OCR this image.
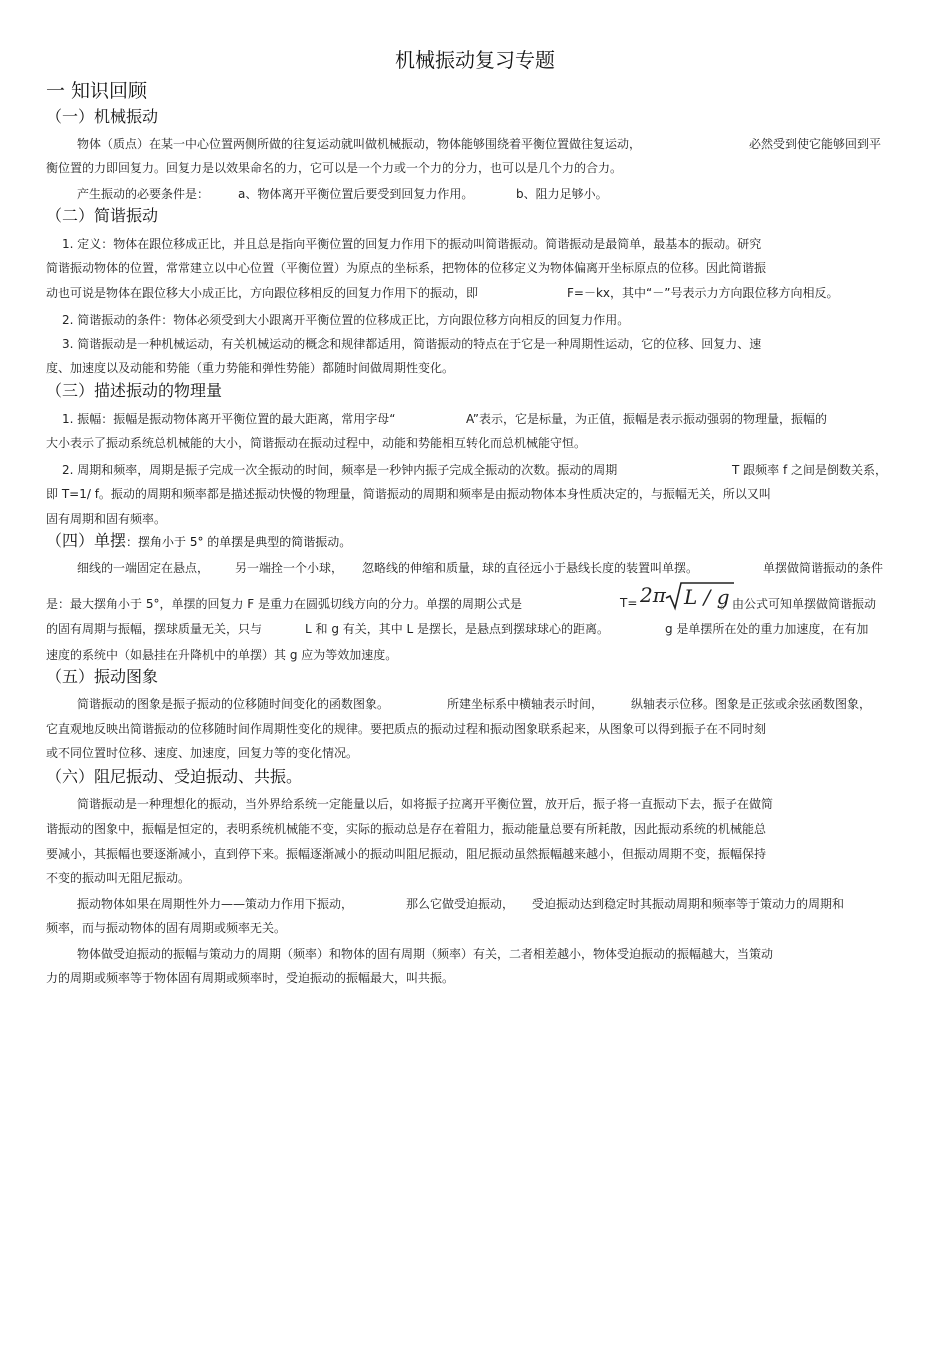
机械振动复习专题
一 知识回顾
（一）机械振动
物体（质点）在某一中心位置两侧所做的往复运动就叫做机械振动，物体能够围绕着平衡位置做往复运动，	必然受到使它能够回到平
衡位置的力即回复力。回复力是以效果命名的力，它可以是一个力或一个力的分力，也可以是几个力的合力。
产生振动的必要条件是： a、物体离开平衡位置后要受到回复力作用。	b、阻力足够小。
（二）简谐振动
1. 定义：物体在跟位移成正比，并且总是指向平衡位置的回复力作用下的振动叫简谐振动。简谐振动是最简单，最基本的振动。研究
简谐振动物体的位置，常常建立以中心位置（平衡位置）为原点的坐标系，把物体的位移定义为物体偏离开坐标原点的位移。因此简谐振
动也可说是物体在跟位移大小成正比，方向跟位移相反的回复力作用下的振动，即	F=－kx，其中“－”号表示力方向跟位移方向相反。
2. 简谐振动的条件：物体必须受到大小跟离开平衡位置的位移成正比，方向跟位移方向相反的回复力作用。
3. 简谐振动是一种机械运动，有关机械运动的概念和规律都适用，简谐振动的特点在于它是一种周期性运动，它的位移、回复力、速
度、加速度以及动能和势能（重力势能和弹性势能）都随时间做周期性变化。
（三）描述振动的物理量
1. 振幅：振幅是振动物体离开平衡位置的最大距离，常用字母“	A”表示，它是标量，为正值，振幅是表示振动强弱的物理量，振幅的
大小表示了振动系统总机械能的大小，简谐振动在振动过程中，动能和势能相互转化而总机械能守恒。
2. 周期和频率，周期是振子完成一次全振动的时间，频率是一秒钟内振子完成全振动的次数。振动的周期	T 跟频率 f 之间是倒数关系，
即 T=1/ f。振动的周期和频率都是描述振动快慢的物理量，简谐振动的周期和频率是由振动物体本身性质决定的，与振幅无关，所以又叫
固有周期和固有频率。
（四）单摆：摆角小于 5° 的单摆是典型的简谐振动。
细线的一端固定在悬点， 另一端拴一个小球， 忽略线的伸缩和质量，球的直径远小于悬线长度的装置叫单摆。	单摆做简谐振动的条件
是：最大摆角小于 5°，单摆的回复力 F 是重力在圆弧切线方向的分力。单摆的周期公式是	T= 2π L / g
。由公式可知单摆做简谐振动
的固有周期与振幅，摆球质量无关，只与	L 和 g 有关，其中 L 是摆长，是悬点到摆球球心的距离。	g 是单摆所在处的重力加速度，在有加
速度的系统中（如悬挂在升降机中的单摆）其 g 应为等效加速度。
（五）振动图象
简谐振动的图象是振子振动的位移随时间变化的函数图象。	所建坐标系中横轴表示时间， 纵轴表示位移。图象是正弦或余弦函数图象，
它直观地反映出简谐振动的位移随时间作周期性变化的规律。要把质点的振动过程和振动图象联系起来，从图象可以得到振子在不同时刻
或不同位置时位移、速度、加速度，回复力等的变化情况。
（六）阻尼振动、受迫振动、共振。
简谐振动是一种理想化的振动，当外界给系统一定能量以后，如将振子拉离开平衡位置，放开后，振子将一直振动下去，振子在做简
谐振动的图象中，振幅是恒定的，表明系统机械能不变，实际的振动总是存在着阻力，振动能量总要有所耗散，因此振动系统的机械能总
要减小，其振幅也要逐渐减小，直到停下来。振幅逐渐减小的振动叫阻尼振动，阻尼振动虽然振幅越来越小，但振动周期不变，振幅保持
不变的振动叫无阻尼振动。
振动物体如果在周期性外力——策动力作用下振动，	那么它做受迫振动， 受迫振动达到稳定时其振动周期和频率等于策动力的周期和
频率，而与振动物体的固有周期或频率无关。
物体做受迫振动的振幅与策动力的周期（频率）和物体的固有周期（频率）有关，二者相差越小，物体受迫振动的振幅越大，当策动
力的周期或频率等于物体固有周期或频率时，受迫振动的振幅最大，叫共振。
